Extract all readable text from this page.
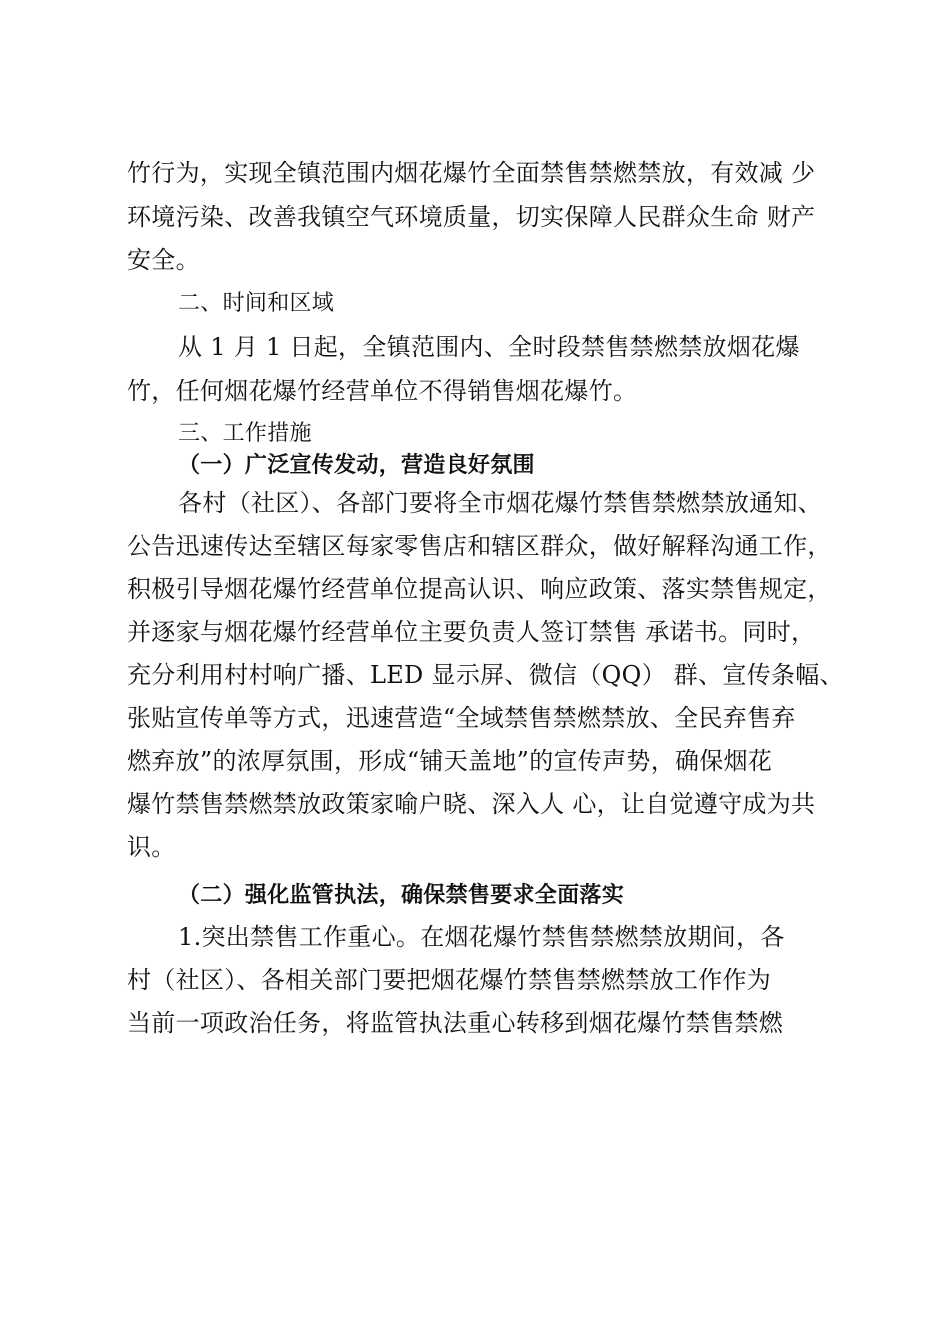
竹行为，实现全镇范围内烟花爆竹全面禁售禁燃禁放，有效减 少
环境污染、改善我镇空气环境质量，切实保障人民群众生命 财产
安全。
二、时间和区域
从 1 月 1 日起，全镇范围内、全时段禁售禁燃禁放烟花爆
竹，任何烟花爆竹经营单位不得销售烟花爆竹。
三、工作措施
（一）广泛宣传发动，营造良好氛围
各村（社区）、各部门要将全市烟花爆竹禁售禁燃禁放通知、
公告迅速传达至辖区每家零售店和辖区群众，做好解释沟通工作，
积极引导烟花爆竹经营单位提高认识、响应政策、落实禁售规定，
并逐家与烟花爆竹经营单位主要负责人签订禁售 承诺书。同时，
充分利用村村响广播、LED 显示屏、微信（QQ） 群、宣传条幅、
张贴宣传单等方式，迅速营造“全域禁售禁燃禁放、全民弃售弃
燃弃放”的浓厚氛围，形成“铺天盖地”的宣传声势，确保烟花
爆竹禁售禁燃禁放政策家喻户晓、深入人 心，让自觉遵守成为共
识。
（二）强化监管执法，确保禁售要求全面落实
1.突出禁售工作重心。在烟花爆竹禁售禁燃禁放期间，各
村（社区）、各相关部门要把烟花爆竹禁售禁燃禁放工作作为
当前一项政治任务，将监管执法重心转移到烟花爆竹禁售禁燃
